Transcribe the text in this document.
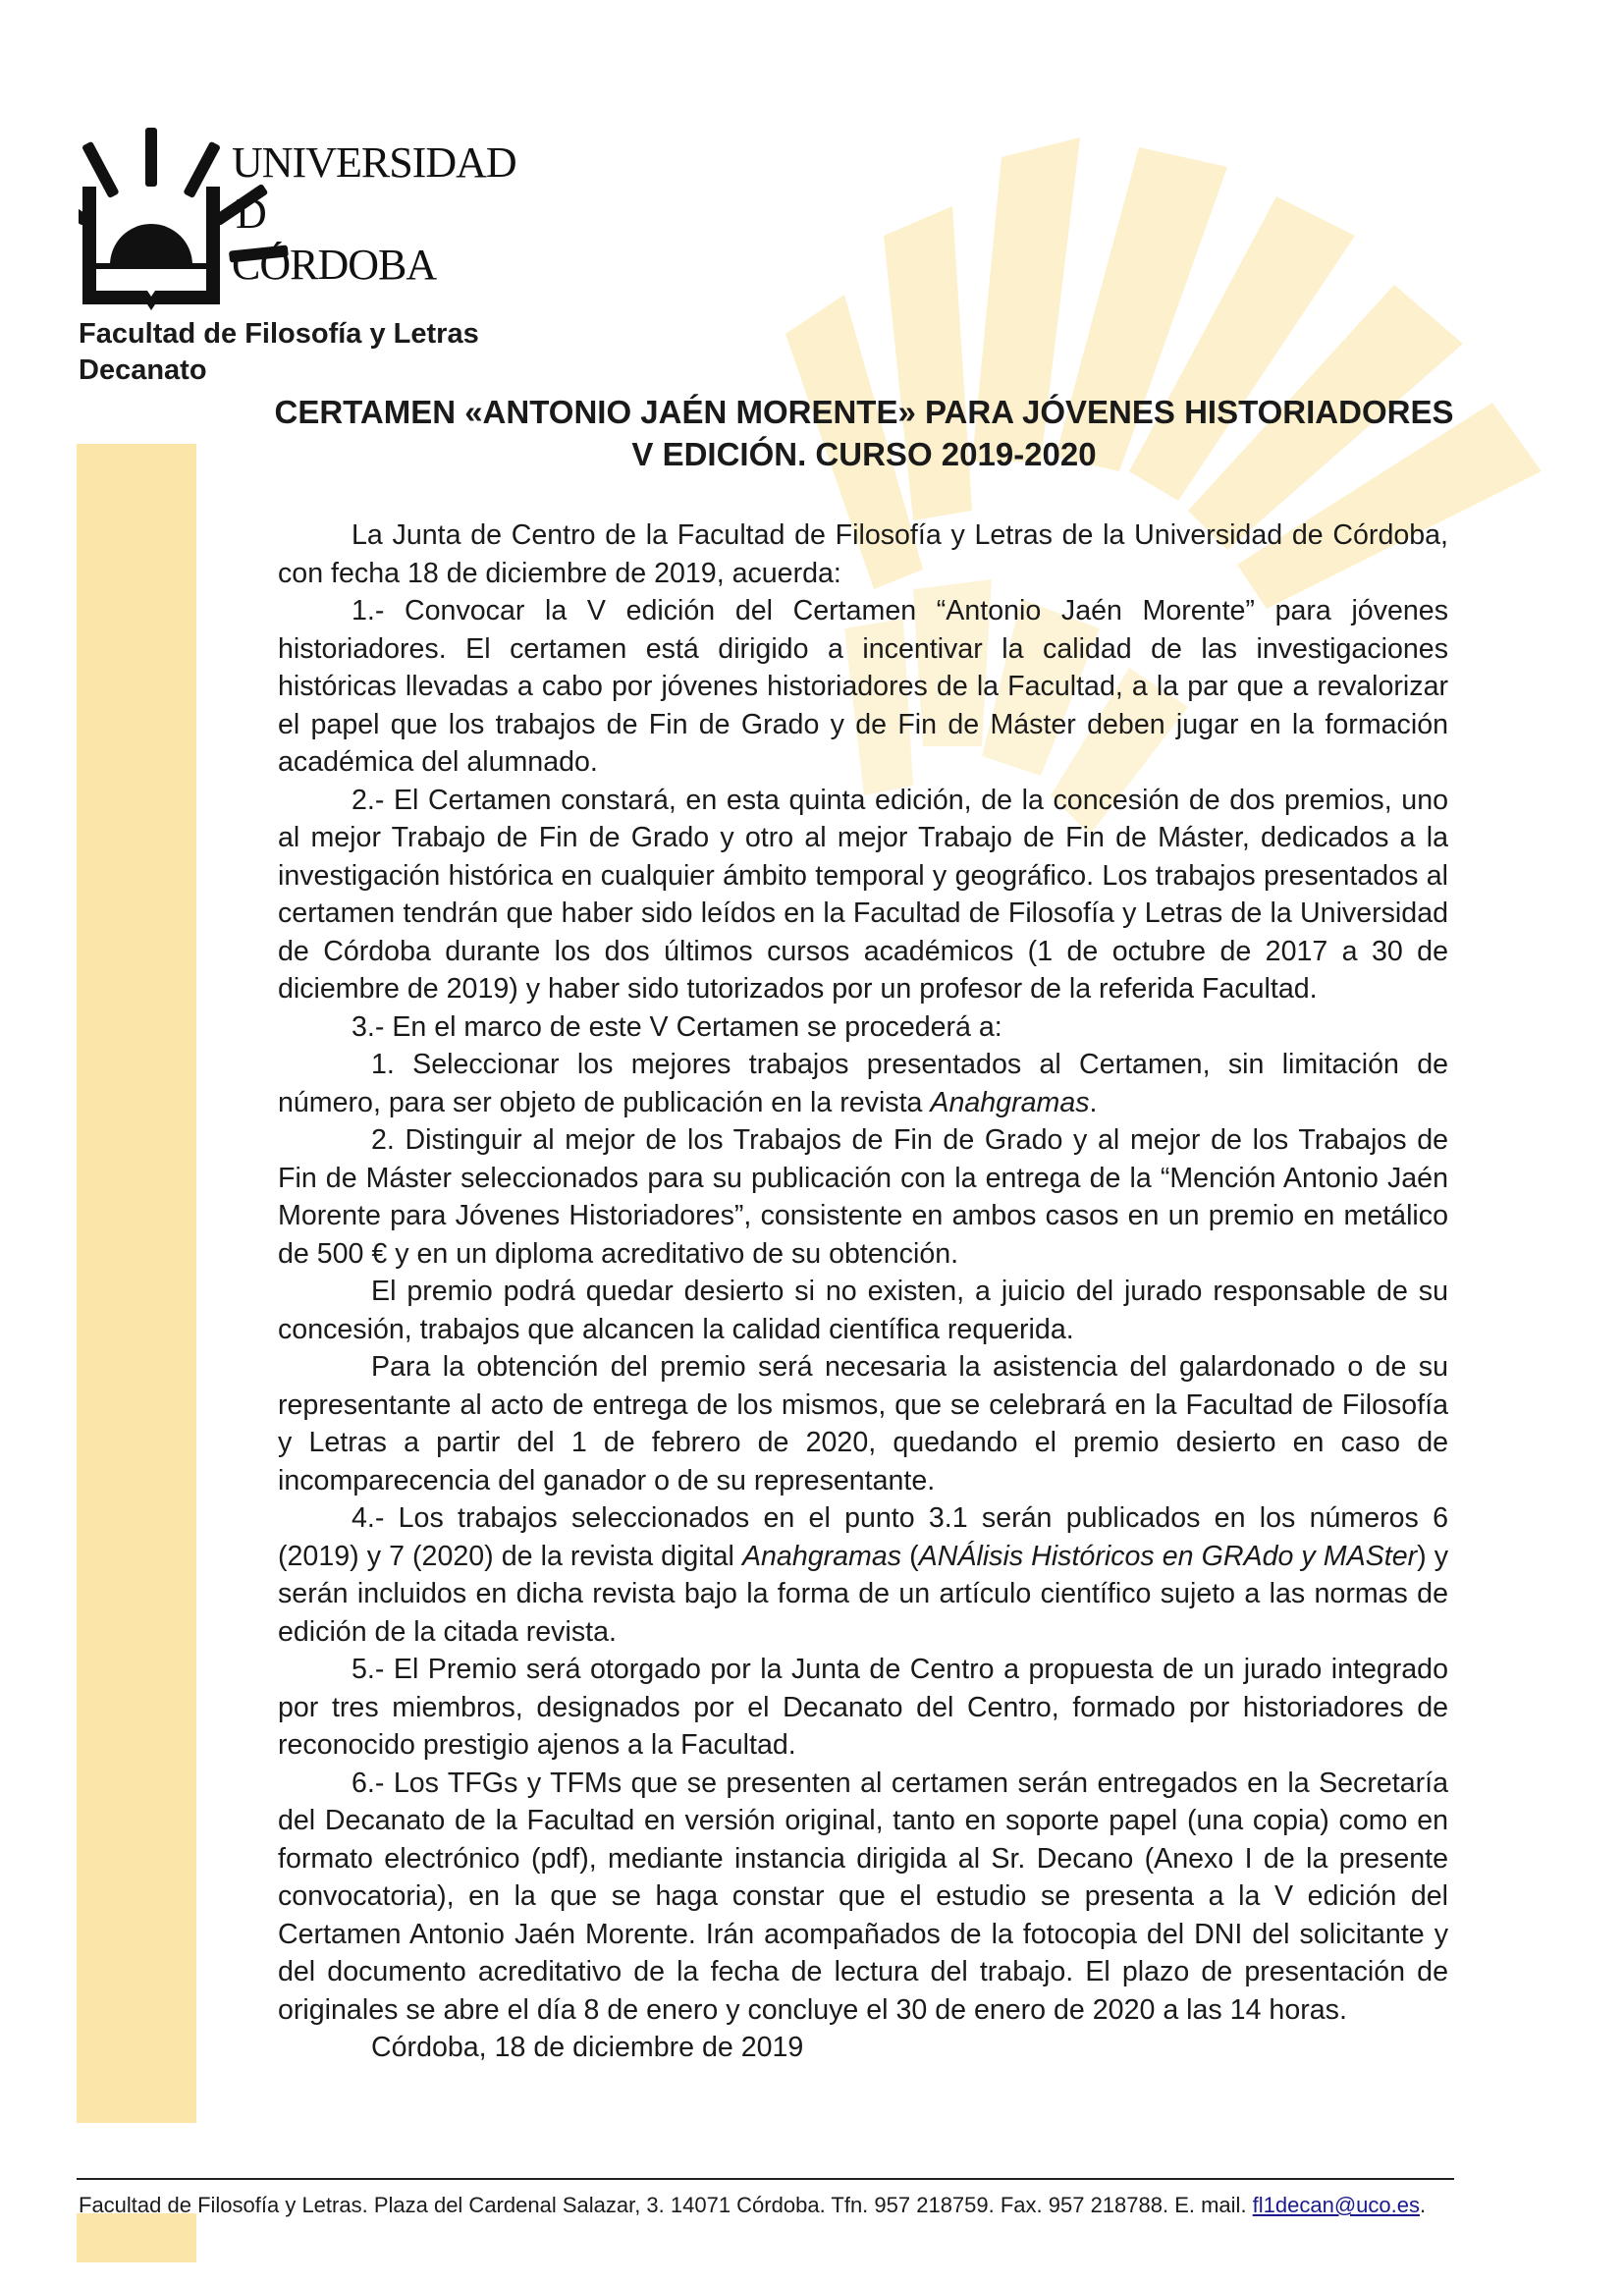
UNIVERSIDAD
D
CÓRDOBA
Facultad de Filosofía y Letras
Decanato
CERTAMEN «ANTONIO JAÉN MORENTE» PARA JÓVENES HISTORIADORES
V EDICIÓN. CURSO 2019-2020

La Junta de Centro de la Facultad de Filosofía y Letras de la Universidad de Córdoba, con fecha 18 de diciembre de 2019, acuerda:

1.- Convocar la V edición del Certamen “Antonio Jaén Morente” para jóvenes historiadores. El certamen está dirigido a incentivar la calidad de las investigaciones históricas llevadas a cabo por jóvenes historiadores de la Facultad, a la par que a revalorizar el papel que los trabajos de Fin de Grado y de Fin de Máster deben jugar en la formación académica del alumnado.

2.- El Certamen constará, en esta quinta edición, de la concesión de dos premios, uno al mejor Trabajo de Fin de Grado y otro al mejor Trabajo de Fin de Máster, dedicados a la investigación histórica en cualquier ámbito temporal y geográfico. Los trabajos presentados al certamen tendrán que haber sido leídos en la Facultad de Filosofía y Letras de la Universidad de Córdoba durante los dos últimos cursos académicos (1 de octubre de 2017 a 30 de diciembre de 2019) y haber sido tutorizados por un profesor de la referida Facultad.

3.- En el marco de este V Certamen se procederá a:

1. Seleccionar los mejores trabajos presentados al Certamen, sin limitación de número, para ser objeto de publicación en la revista Anahgramas.

2. Distinguir al mejor de los Trabajos de Fin de Grado y al mejor de los Trabajos de Fin de Máster seleccionados para su publicación con la entrega de la “Mención Antonio Jaén Morente para Jóvenes Historiadores”, consistente en ambos casos en un premio en metálico de 500 € y en un diploma acreditativo de su obtención.

El premio podrá quedar desierto si no existen, a juicio del jurado responsable de su concesión, trabajos que alcancen la calidad científica requerida.

Para la obtención del premio será necesaria la asistencia del galardonado o de su representante al acto de entrega de los mismos, que se celebrará en la Facultad de Filosofía y Letras a partir del 1 de febrero de 2020, quedando el premio desierto en caso de incomparecencia del ganador o de su representante.

4.- Los trabajos seleccionados en el punto 3.1 serán publicados en los números 6 (2019) y 7 (2020) de la revista digital Anahgramas (ANÁlisis Históricos en GRAdo y MASter) y serán incluidos en dicha revista bajo la forma de un artículo científico sujeto a las normas de edición de la citada revista.

5.- El Premio será otorgado por la Junta de Centro a propuesta de un jurado integrado por tres miembros, designados por el Decanato del Centro, formado por historiadores de reconocido prestigio ajenos a la Facultad.

6.- Los TFGs y TFMs que se presenten al certamen serán entregados en la Secretaría del Decanato de la Facultad en versión original, tanto en soporte papel (una copia) como en formato electrónico (pdf), mediante instancia dirigida al Sr. Decano (Anexo I de la presente convocatoria), en la que se haga constar que el estudio se presenta a la V edición del Certamen Antonio Jaén Morente. Irán acompañados de la fotocopia del DNI del solicitante y del documento acreditativo de la fecha de lectura del trabajo. El plazo de presentación de originales se abre el día 8 de enero y concluye el 30 de enero de 2020 a las 14 horas.

Córdoba, 18 de diciembre de 2019

Facultad de Filosofía y Letras. Plaza del Cardenal Salazar, 3. 14071 Córdoba. Tfn. 957 218759. Fax. 957 218788. E. mail. fl1decan@uco.es.
